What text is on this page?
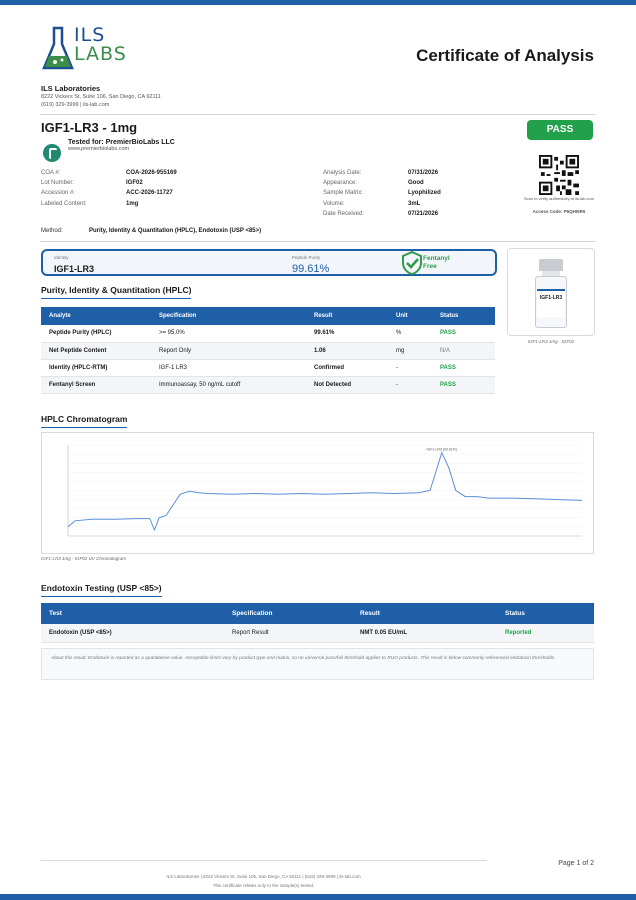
ILS
LABS	Certificate of Analysis
ILS Laboratories
8222 Vickers St, Suite 106, San Diego, CA 92111
(619) 329-3999 | ils-lab.com
IGF1-LR3 - 1mg	PASS
Tested for: PremierBioLabs LLC
www.premierbiolabs.com
Scan to verify authenticity at ils-lab.com
Access Code: P5QHI5R5
COA #:	COA-2026-955169
Lot Number:	IGF02
Accession #:	ACC-2026-11727
Labeled Content:	1mg
Analysis Date:	07/31/2026
Appearance:	Good
Sample Matrix:	Lyophilized
Volume:	3mL
Date Received:	07/21/2026
Method:	Purity, Identity & Quantitation (HPLC), Endotoxin (USP <85>)
Identity
IGF1-LR3
Peptide Purity
99.61%
Fentanyl
Free
IGF1-LR3
IGF1-LR3 1mg - IGF02
Purity, Identity & Quantitation (HPLC)
Analyte	Specification	Result	Unit	Status
Peptide Purity (HPLC)	>= 95.0%	99.61%	%	PASS
Net Peptide Content	Report Only	1.06	mg	N/A
Identity (HPLC-RTM)	IGF-1 LR3	Confirmed	-	PASS
Fentanyl Screen	Immunoassay, 50 ng/mL cutoff	Not Detected	-	PASS
HPLC Chromatogram
IGF1-LR3 (99.61%)
IGF1-LR3 1mg - IGF02 UV Chromatogram
Endotoxin Testing (USP <85>)
Test	Specification	Result	Status
Endotoxin (USP <85>)	Report Result	NMT 0.05 EU/mL	Reported
About this result: Endotoxin is reported as a quantitative value. Acceptable limits vary by product type and matrix, so no universal pass/fail threshold applies to RUO products. This result is below commonly referenced endotoxin thresholds.
ILS Laboratories | 8222 Vickers St, Suite 106, San Diego, CA 92111 | (619) 329-3999 | ils-lab.com
This certificate relates only to the sample(s) tested.
Page 1 of 2
